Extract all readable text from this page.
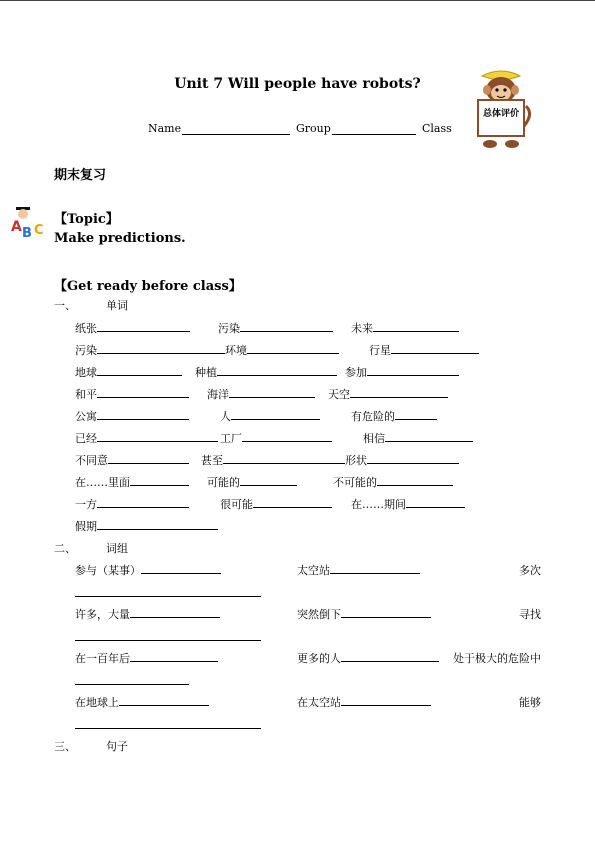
Unit 7 Will people have robots?
Name	Group	Class
总体评价
期末复习
A B C
【Topic】
Make predictions.
【Get ready before class】
一、	单词
纸张	污染	未来
污染	环境	行星
地球	种植	参加
和平	海洋	天空
公寓	人	有危险的
已经	工厂	相信
不同意	甚至	形状
在……里面	可能的	不可能的
一方	很可能	在……期间
假期
二、	词组
参与（某事）	太空站	多次
许多，大量	突然倒下	寻找
在一百年后	更多的人	处于极大的危险中
在地球上	在太空站	能够
三、	句子
